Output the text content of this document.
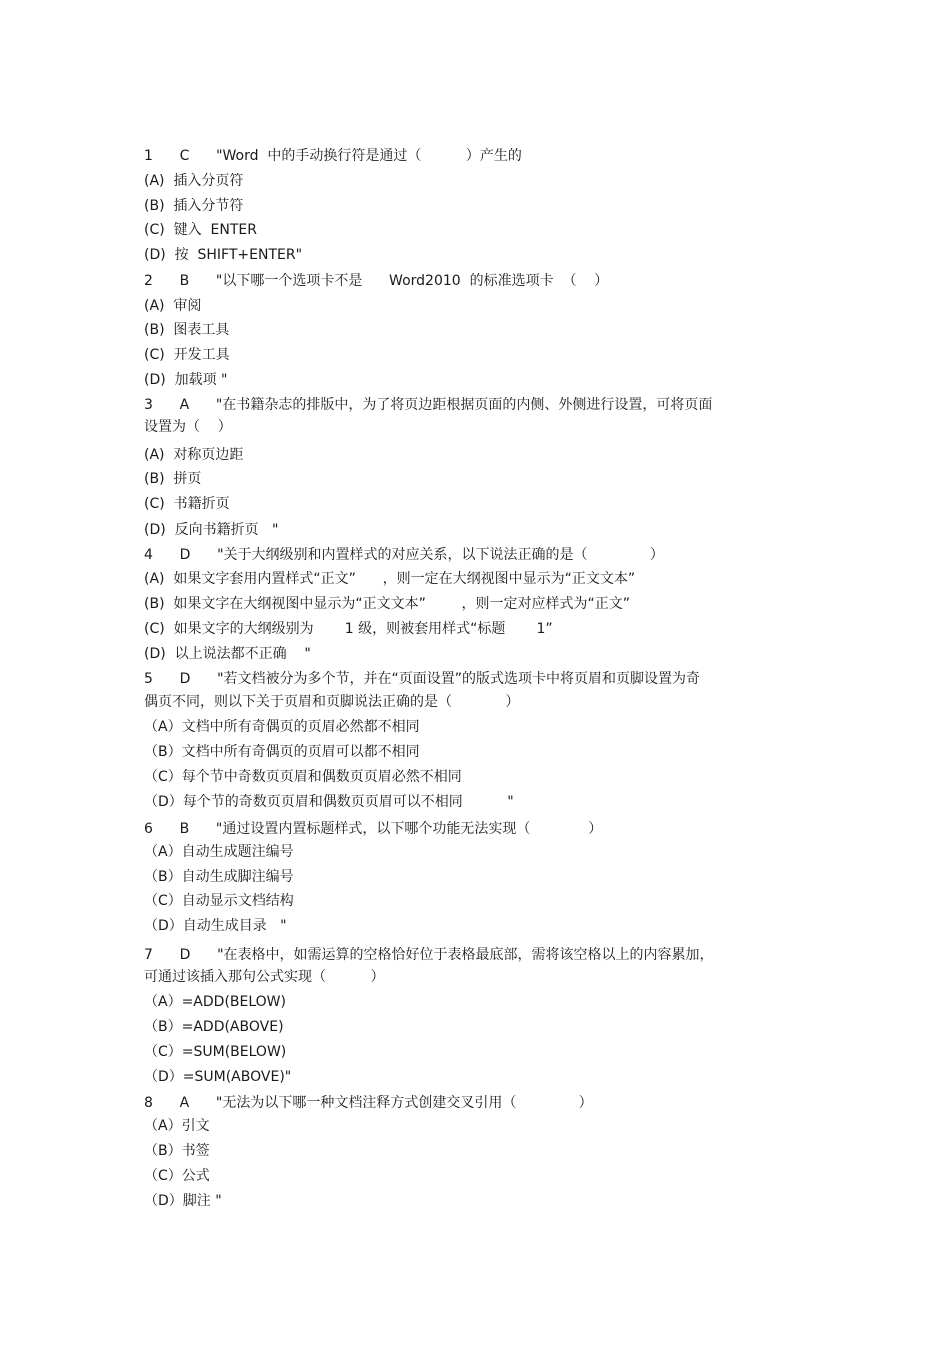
1      C      "Word  中的手动换行符是通过（          ）产生的
(A)  插入分页符
(B)  插入分节符
(C)  键入  ENTER
(D)  按  SHIFT+ENTER"
2      B      "以下哪一个选项卡不是      Word2010  的标准选项卡  （    ）
(A)  审阅
(B)  图表工具
(C)  开发工具
(D)  加载项 "
3      A      "在书籍杂志的排版中，为了将页边距根据页面的内侧、外侧进行设置，可将页面
设置为（    ）
(A)  对称页边距
(B)  拼页
(C)  书籍折页
(D)  反向书籍折页   "
4      D      "关于大纲级别和内置样式的对应关系，以下说法正确的是（              ）
(A)  如果文字套用内置样式“正文”      ，则一定在大纲视图中显示为“正文文本”
(B)  如果文字在大纲视图中显示为“正文文本”        ，则一定对应样式为“正文”
(C)  如果文字的大纲级别为       1 级，则被套用样式“标题       1”
(D)  以上说法都不正确    "
5      D      "若文档被分为多个节，并在“页面设置”的版式选项卡中将页眉和页脚设置为奇
偶页不同，则以下关于页眉和页脚说法正确的是（            ）
（A）文档中所有奇偶页的页眉必然都不相同
（B）文档中所有奇偶页的页眉可以都不相同
（C）每个节中奇数页页眉和偶数页页眉必然不相同
（D）每个节的奇数页页眉和偶数页页眉可以不相同          "
6      B      "通过设置内置标题样式，以下哪个功能无法实现（             ）
（A）自动生成题注编号
（B）自动生成脚注编号
（C）自动显示文档结构
（D）自动生成目录   "
7      D      "在表格中，如需运算的空格恰好位于表格最底部，需将该空格以上的内容累加，
可通过该插入那句公式实现（          ）
（A）=ADD(BELOW)
（B）=ADD(ABOVE)
（C）=SUM(BELOW)
（D）=SUM(ABOVE)"
8      A      "无法为以下哪一种文档注释方式创建交叉引用（              ）
（A）引文
（B）书签
（C）公式
（D）脚注 "
